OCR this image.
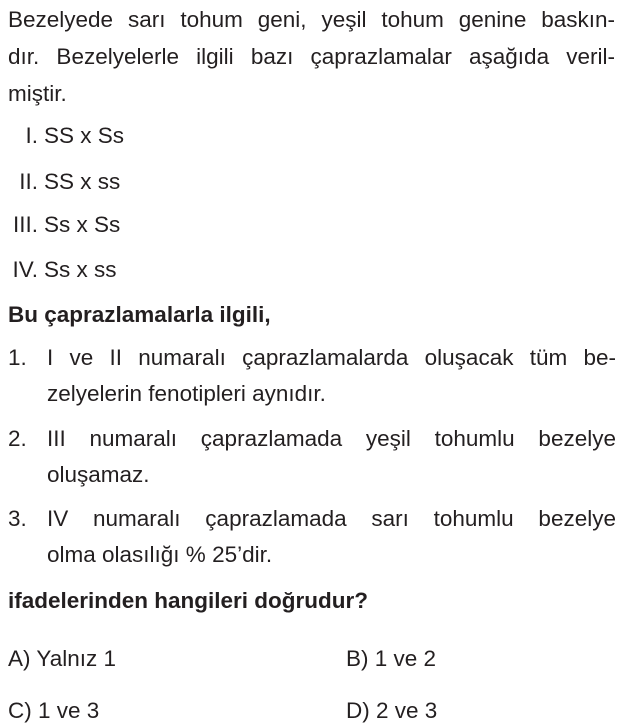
Bezelyede sarı tohum geni, yeşil tohum genine baskın-
dır. Bezelyelerle ilgili bazı çaprazlamalar aşağıda veril-
miştir.
I. SS x Ss
II. SS x ss
III. Ss x Ss
IV. Ss x ss
Bu çaprazlamalarla ilgili,
1. I ve II numaralı çaprazlamalarda oluşacak tüm be-
zelyelerin fenotipleri aynıdır.
2. III numaralı çaprazlamada yeşil tohumlu bezelye
oluşamaz.
3. IV numaralı çaprazlamada sarı tohumlu bezelye
olma olasılığı % 25’dir.
ifadelerinden hangileri doğrudur?
A) Yalnız 1	B) 1 ve 2
C) 1 ve 3	D) 2 ve 3
